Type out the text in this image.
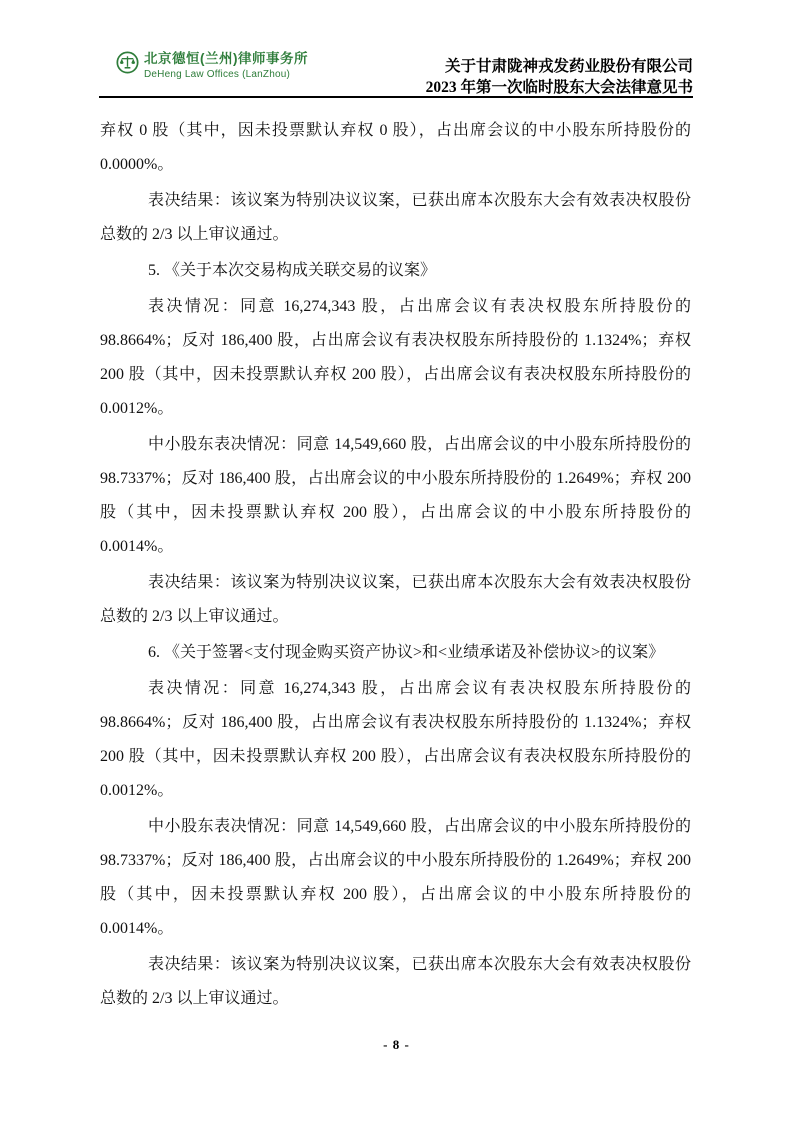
北京德恒(兰州)律师事务所
DeHeng Law Offices (LanZhou)	关于甘肃陇神戎发药业股份有限公司
2023 年第一次临时股东大会法律意见书

弃权 0 股（其中，因未投票默认弃权 0 股），占出席会议的中小股东所持股份的 0.0000%。

表决结果：该议案为特别决议议案，已获出席本次股东大会有效表决权股份总数的 2/3 以上审议通过。

5. 《关于本次交易构成关联交易的议案》

表决情况：同意 16,274,343 股，占出席会议有表决权股东所持股份的 98.8664%；反对 186,400 股，占出席会议有表决权股东所持股份的 1.1324%；弃权 200 股（其中，因未投票默认弃权 200 股），占出席会议有表决权股东所持股份的 0.0012%。

中小股东表决情况：同意 14,549,660 股，占出席会议的中小股东所持股份的 98.7337%；反对 186,400 股，占出席会议的中小股东所持股份的 1.2649%；弃权 200 股（其中，因未投票默认弃权 200 股），占出席会议的中小股东所持股份的 0.0014%。

表决结果：该议案为特别决议议案，已获出席本次股东大会有效表决权股份总数的 2/3 以上审议通过。

6. 《关于签署<支付现金购买资产协议>和<业绩承诺及补偿协议>的议案》

表决情况：同意 16,274,343 股，占出席会议有表决权股东所持股份的 98.8664%；反对 186,400 股，占出席会议有表决权股东所持股份的 1.1324%；弃权 200 股（其中，因未投票默认弃权 200 股），占出席会议有表决权股东所持股份的 0.0012%。

中小股东表决情况：同意 14,549,660 股，占出席会议的中小股东所持股份的 98.7337%；反对 186,400 股，占出席会议的中小股东所持股份的 1.2649%；弃权 200 股（其中，因未投票默认弃权 200 股），占出席会议的中小股东所持股份的 0.0014%。

表决结果：该议案为特别决议议案，已获出席本次股东大会有效表决权股份总数的 2/3 以上审议通过。

- 8 -
